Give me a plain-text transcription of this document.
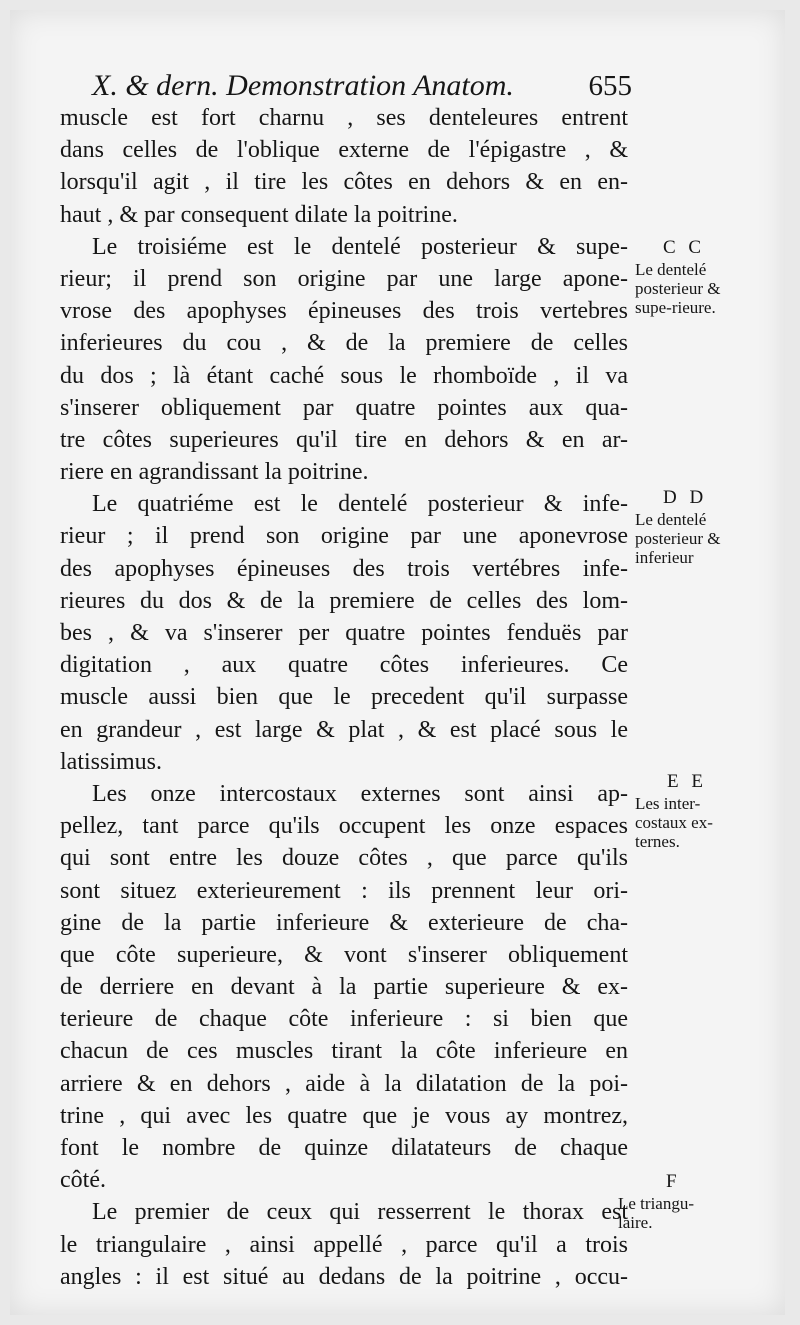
X. & dern. Demonstration Anatom.	655
muscle est fort charnu , ses denteleures entrent
dans celles de l'oblique externe de l'épigastre , &
lorsqu'il agit , il tire les côtes en dehors & en en-
haut , & par consequent dilate la poitrine.
Le troisiéme est le dentelé posterieur & supe-
rieur; il prend son origine par une large apone-
vrose des apophyses épineuses des trois vertebres
inferieures du cou , & de la premiere de celles
du dos ; là étant caché sous le rhomboïde , il va
s'inserer obliquement par quatre pointes aux qua-
tre côtes superieures qu'il tire en dehors & en ar-
riere en agrandissant la poitrine.
Le quatriéme est le dentelé posterieur & infe-
rieur ; il prend son origine par une aponevrose
des apophyses épineuses des trois vertébres infe-
rieures du dos & de la premiere de celles des lom-
bes , & va s'inserer per quatre pointes fenduës par
digitation , aux quatre côtes inferieures. Ce
muscle aussi bien que le precedent qu'il surpasse
en grandeur , est large & plat , & est placé sous le
latissimus.
Les onze intercostaux externes sont ainsi ap-
pellez, tant parce qu'ils occupent les onze espaces
qui sont entre les douze côtes , que parce qu'ils
sont situez exterieurement : ils prennent leur ori-
gine de la partie inferieure & exterieure de cha-
que côte superieure, & vont s'inserer obliquement
de derriere en devant à la partie superieure & ex-
terieure de chaque côte inferieure : si bien que
chacun de ces muscles tirant la côte inferieure en
arriere & en dehors , aide à la dilatation de la poi-
trine , qui avec les quatre que je vous ay montrez,
font le nombre de quinze dilatateurs de chaque
côté.
Le premier de ceux qui resserrent le thorax est
le triangulaire , ainsi appellé , parce qu'il a trois
angles : il est situé au dedans de la poitrine , occu-
C C
Le dentelé posterieur & supe-rieure.
D D
Le dentelé posterieur & inferieur
E E
Les inter-costaux ex-ternes.
F
Le triangu-laire.
